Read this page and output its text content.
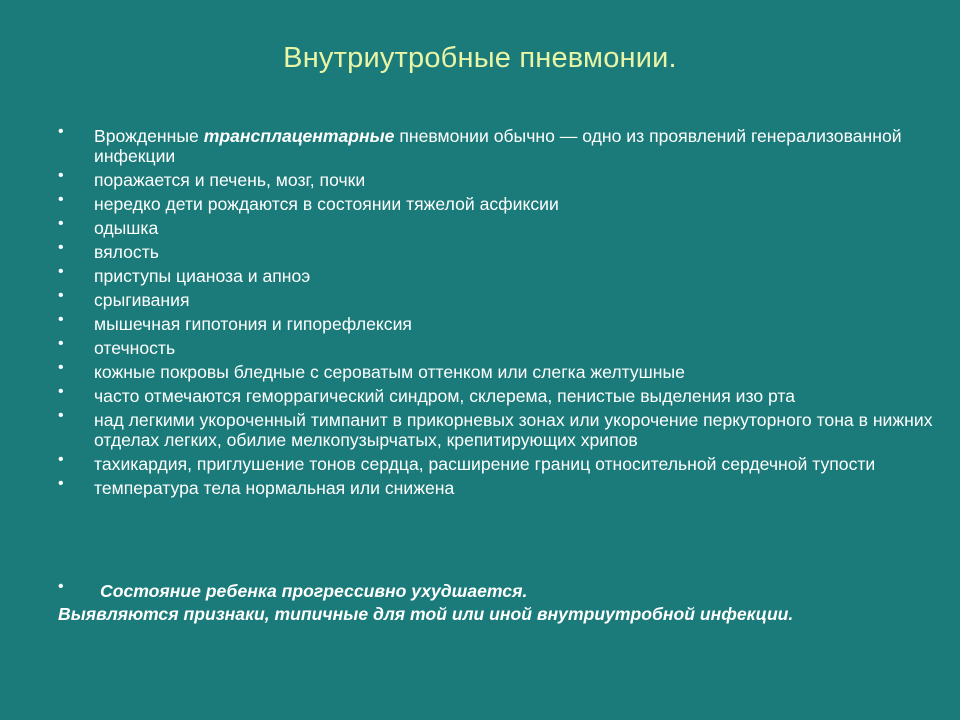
Внутриутробные пневмонии.
• Врожденные трансплацентарные пневмонии обычно — одно из проявлений генерализованной инфекции
• поражается и печень, мозг, почки
• нередко дети рождаются в состоянии тяжелой асфиксии
• одышка
• вялость
• приступы цианоза и апноэ
• срыгивания
• мышечная гипотония и гипорефлексия
• отечность
• кожные покровы бледные с сероватым оттенком или слегка желтушные
• часто отмечаются геморрагический синдром, склерема, пенистые выделения изо рта
• над легкими укороченный тимпанит в прикорневых зонах или укорочение перкуторного тона в нижних отделах легких, обилие мелкопузырчатых, крепитирующих хрипов
• тахикардия, приглушение тонов сердца, расширение границ относительной сердечной тупости
• температура тела нормальная или снижена
• Состояние ребенка прогрессивно ухудшается.
Выявляются признаки, типичные для той или иной внутриутробной инфекции.
